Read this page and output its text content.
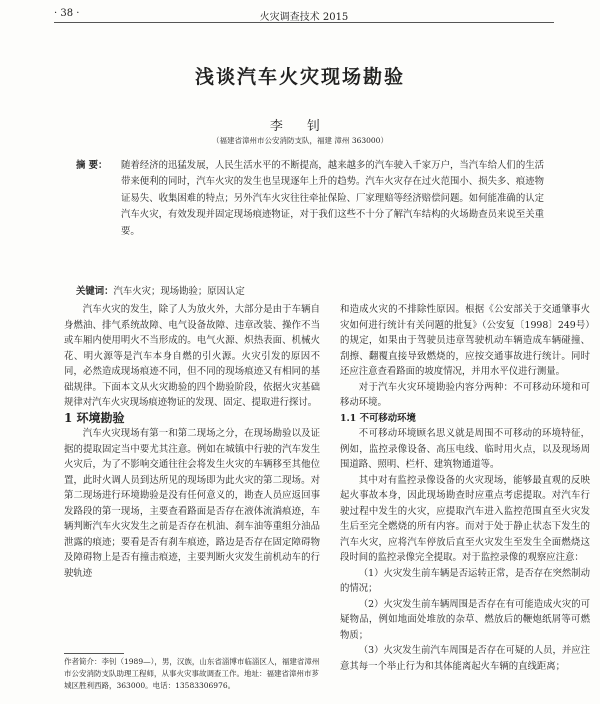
· 38 ·	火灾调查技术 2015
浅谈汽车火灾现场勘验
李 钊
（福建省漳州市公安消防支队，福建 漳州 363000）
摘 要： 随着经济的迅猛发展，人民生活水平的不断提高，越来越多的汽车驶入千家万户，当汽车给人们的生活带来便利的同时，汽车火灾的发生也呈现逐年上升的趋势。汽车火灾存在过火范围小、损失多、痕迹物证易失、收集困难的特点；另外汽车火灾往往牵扯保险、厂家理赔等经济赔偿问题。如何能准确的认定汽车火灾，有效发现并固定现场痕迹物证，对于我们这些不十分了解汽车结构的火场勘查员来说至关重要。
关键词：汽车火灾；现场勘验；原因认定

汽车火灾的发生，除了人为放火外，大部分是由于车辆自身燃油、排气系统故障、电气设备故障、违章改装、操作不当或车厢内使用明火不当形成的。电气火源、炽热表面、机械火花、明火源等是汽车本身自燃的引火源。火灾引发的原因不同，必然造成现场痕迹不同，但不同的现场痕迹又有相同的基础规律。下面本文从火灾勘验的四个勘验阶段，依据火灾基础规律对汽车火灾现场痕迹物证的发现、固定、提取进行探讨。

1 环境勘验

汽车火灾现场有第一和第二现场之分，在现场勘验以及证据的提取固定当中要尤其注意。例如在城镇中行驶的汽车发生火灾后，为了不影响交通往往会将发生火灾的车辆移至其他位置，此时火调人员到达所见的现场即为此火灾的第二现场。对第二现场进行环境勘验是没有任何意义的，勘查人员应返回事发路段的第一现场，主要查看路面是否存在液体流淌痕迹，车辆判断汽车火灾发生之前是否存在机油、刹车油等重组分油品泄露的痕迹；要看是否有刹车痕迹，路边是否存在固定障碍物及障碍物上是否有撞击痕迹，主要判断火灾发生前机动车的行驶轨迹

和造成火灾的不排除性原因。根据《公安部关于交通肇事火灾如何进行统计有关问题的批复》（公安复〔1998〕249号）的规定，如果由于驾驶员违章驾驶机动车辆造成车辆碰撞、刮擦、翻覆直接导致燃烧的，应按交通事故进行统计。同时还应注意查看路面的坡度情况，并用水平仪进行测量。

对于汽车火灾环境勘验内容分两种：不可移动环境和可移动环境。

1.1 不可移动环境

不可移动环境顾名思义就是周围不可移动的环境特征，例如，监控录像设备、高压电线、临时用火点，以及现场周围道路、照明、栏杆、建筑物通道等。

其中对有监控录像设备的火灾现场，能够最直观的反映起火事故本身，因此现场勘查时应重点考虑提取。对汽车行驶过程中发生的火灾，应提取汽车进入监控范围直至火灾发生后至完全燃烧的所有内容。而对于处于静止状态下发生的汽车火灾，应将汽车停放后直至火灾发生至发生全面燃烧这段时间的监控录像完全提取。对于监控录像的观察应注意：

（1）火灾发生前车辆是否运转正常，是否存在突然制动的情况；

（2）火灾发生前车辆周围是否存在有可能造成火灾的可疑物品，例如地面处堆放的杂草、燃放后的鞭炮纸屑等可燃物质；

（3）火灾发生前汽车周围是否存在可疑的人员，并应注意其每一个举止行为和其体能离起火车辆的直线距离；

作者简介：李钊（1989—），男，汉族，山东省淄博市临淄区人，福建省漳州市公安消防支队助理工程师，从事火灾事故调查工作。地址：福建省漳州市芗城区胜利西路，363000。电话：13583306976。
